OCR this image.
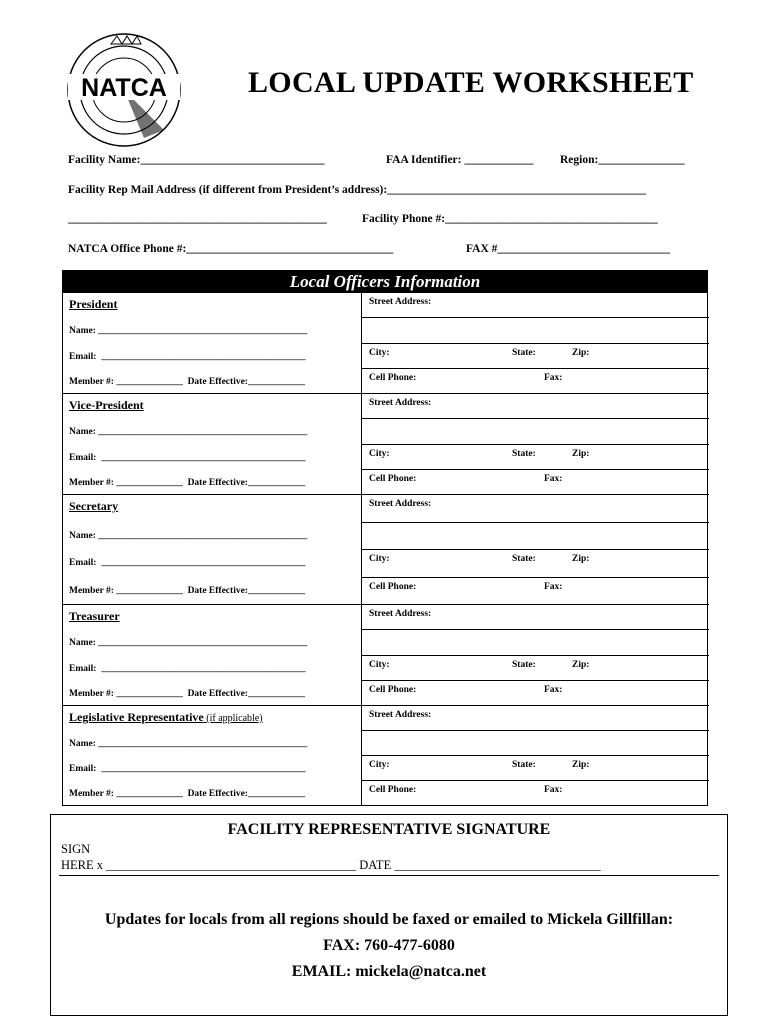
NATCA	LOCAL UPDATE WORKSHEET
Facility Name:________________________________	FAA Identifier: ____________ Region:_______________
Facility Rep Mail Address (if different from President’s address):_____________________________________________
_____________________________________________	Facility Phone #:_____________________________________
NATCA Office Phone #:____________________________________	FAX #______________________________
Local Officers Information
President
Name: ____________________________________________
Email: ___________________________________________
Member #: ______________ Date Effective:____________
Street Address:
City:	State:	Zip:
Cell Phone:	Fax:
Vice-President
Name: ____________________________________________
Email: ___________________________________________
Member #: ______________ Date Effective:____________
Street Address:
City:	State:	Zip:
Cell Phone:	Fax:
Secretary
Name: ____________________________________________
Email: ___________________________________________
Member #: ______________ Date Effective:____________
Street Address:
City:	State:	Zip:
Cell Phone:	Fax:
Treasurer
Name: ____________________________________________
Email: ___________________________________________
Member #: ______________ Date Effective:____________
Street Address:
City:	State:	Zip:
Cell Phone:	Fax:
Legislative Representative (if applicable)
Name: ____________________________________________
Email: ___________________________________________
Member #: ______________ Date Effective:____________
Street Address:
City:	State:	Zip:
Cell Phone:	Fax:
FACILITY REPRESENTATIVE SIGNATURE
SIGN
HERE x ________________________________________ DATE _________________________________
Updates for locals from all regions should be faxed or emailed to Mickela Gillfillan:
FAX: 760-477-6080
EMAIL: mickela@natca.net
